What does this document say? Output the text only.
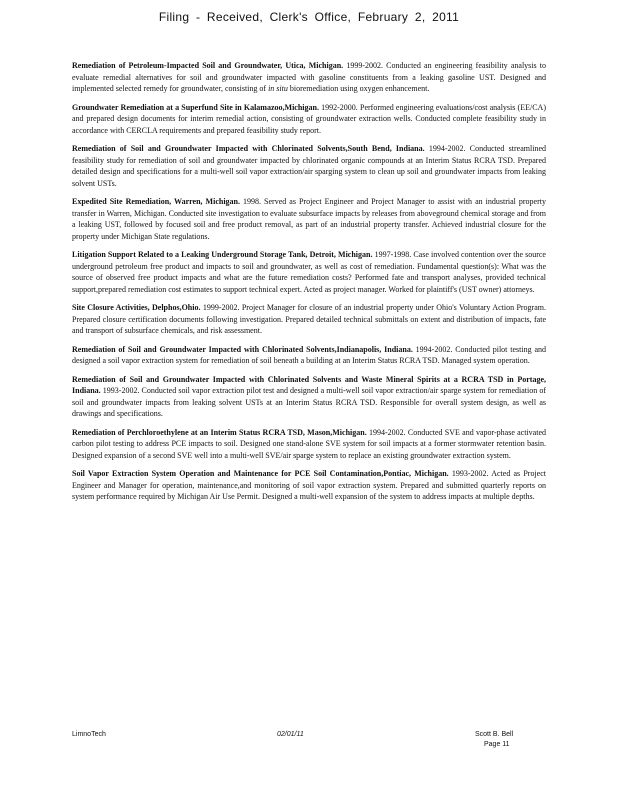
Filing - Received, Clerk's Office, February 2, 2011

Remediation of Petroleum-Impacted Soil and Groundwater, Utica, Michigan. 1999-2002. Conducted an engineering feasibility analysis to evaluate remedial alternatives for soil and groundwater impacted with gasoline constituents from a leaking gasoline UST. Designed and implemented selected remedy for groundwater, consisting of in situ bioremediation using oxygen enhancement.

Groundwater Remediation at a Superfund Site in Kalamazoo,Michigan. 1992-2000. Performed engineering evaluations/cost analysis (EE/CA) and prepared design documents for interim remedial action, consisting of groundwater extraction wells. Conducted complete feasibility study in accordance with CERCLA requirements and prepared feasibility study report.

Remediation of Soil and Groundwater Impacted with Chlorinated Solvents,South Bend, Indiana. 1994-2002. Conducted streamlined feasibility study for remediation of soil and groundwater impacted by chlorinated organic compounds at an Interim Status RCRA TSD. Prepared detailed design and specifications for a multi-well soil vapor extraction/air sparging system to clean up soil and groundwater impacts from leaking solvent USTs.

Expedited Site Remediation, Warren, Michigan. 1998. Served as Project Engineer and Project Manager to assist with an industrial property transfer in Warren, Michigan. Conducted site investigation to evaluate subsurface impacts by releases from aboveground chemical storage and from a leaking UST, followed by focused soil and free product removal, as part of an industrial property transfer. Achieved industrial closure for the property under Michigan State regulations.

Litigation Support Related to a Leaking Underground Storage Tank, Detroit, Michigan. 1997-1998. Case involved contention over the source underground petroleum free product and impacts to soil and groundwater, as well as cost of remediation. Fundamental question(s): What was the source of observed free product impacts and what are the future remediation costs? Performed fate and transport analyses, provided technical support,prepared remediation cost estimates to support technical expert. Acted as project manager. Worked for plaintiff's (UST owner) attorneys.

Site Closure Activities, Delphos,Ohio. 1999-2002. Project Manager for closure of an industrial property under Ohio's Voluntary Action Program. Prepared closure certification documents following investigation. Prepared detailed technical submittals on extent and distribution of impacts, fate and transport of subsurface chemicals, and risk assessment.

Remediation of Soil and Groundwater Impacted with Chlorinated Solvents,Indianapolis, Indiana. 1994-2002. Conducted pilot testing and designed a soil vapor extraction system for remediation of soil beneath a building at an Interim Status RCRA TSD. Managed system operation.

Remediation of Soil and Groundwater Impacted with Chlorinated Solvents and Waste Mineral Spirits at a RCRA TSD in Portage, Indiana. 1993-2002. Conducted soil vapor extraction pilot test and designed a multi-well soil vapor extraction/air sparge system for remediation of soil and groundwater impacts from leaking solvent USTs at an Interim Status RCRA TSD. Responsible for overall system design, as well as drawings and specifications.

Remediation of Perchloroethylene at an Interim Status RCRA TSD, Mason,Michigan. 1994-2002. Conducted SVE and vapor-phase activated carbon pilot testing to address PCE impacts to soil. Designed one stand-alone SVE system for soil impacts at a former stormwater retention basin. Designed expansion of a second SVE well into a multi-well SVE/air sparge system to replace an existing groundwater extraction system.

Soil Vapor Extraction System Operation and Maintenance for PCE Soil Contamination,Pontiac, Michigan. 1993-2002. Acted as Project Engineer and Manager for operation, maintenance,and monitoring of soil vapor extraction system. Prepared and submitted quarterly reports on system performance required by Michigan Air Use Permit. Designed a multi-well expansion of the system to address impacts at multiple depths.

LimnoTech	02/01/11	Scott B. Bell
Page 11
